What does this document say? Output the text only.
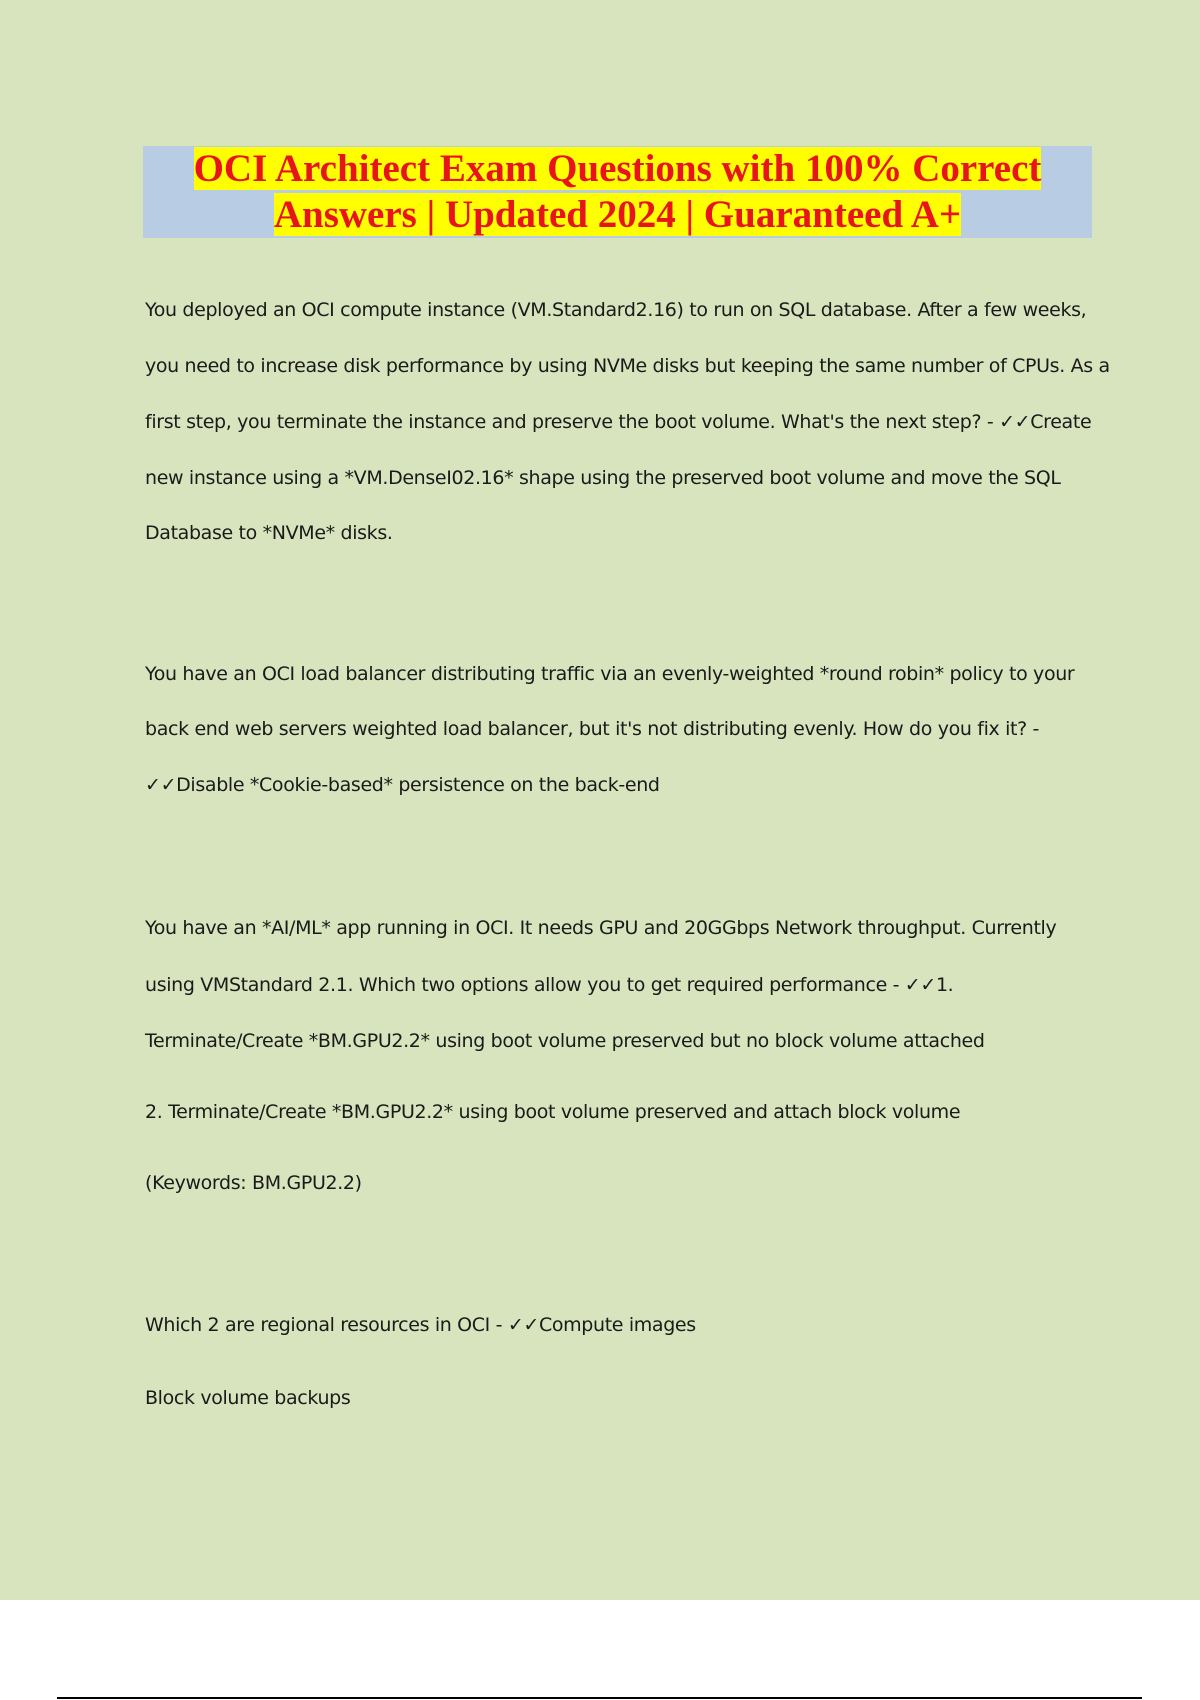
OCI Architect Exam Questions with 100% Correct
Answers | Updated 2024 | Guaranteed A+
You deployed an OCI compute instance (VM.Standard2.16) to run on SQL database. After a few weeks,
you need to increase disk performance by using NVMe disks but keeping the same number of CPUs. As a
first step, you terminate the instance and preserve the boot volume. What's the next step? - ✓✓Create
new instance using a *VM.DenseI02.16* shape using the preserved boot volume and move the SQL
Database to *NVMe* disks.
You have an OCI load balancer distributing traffic via an evenly-weighted *round robin* policy to your
back end web servers weighted load balancer, but it's not distributing evenly. How do you fix it? -
✓✓Disable *Cookie-based* persistence on the back-end
You have an *AI/ML* app running in OCI. It needs GPU and 20GGbps Network throughput. Currently
using VMStandard 2.1. Which two options allow you to get required performance - ✓✓1.
Terminate/Create *BM.GPU2.2* using boot volume preserved but no block volume attached
2. Terminate/Create *BM.GPU2.2* using boot volume preserved and attach block volume
(Keywords: BM.GPU2.2)
Which 2 are regional resources in OCI - ✓✓Compute images
Block volume backups
